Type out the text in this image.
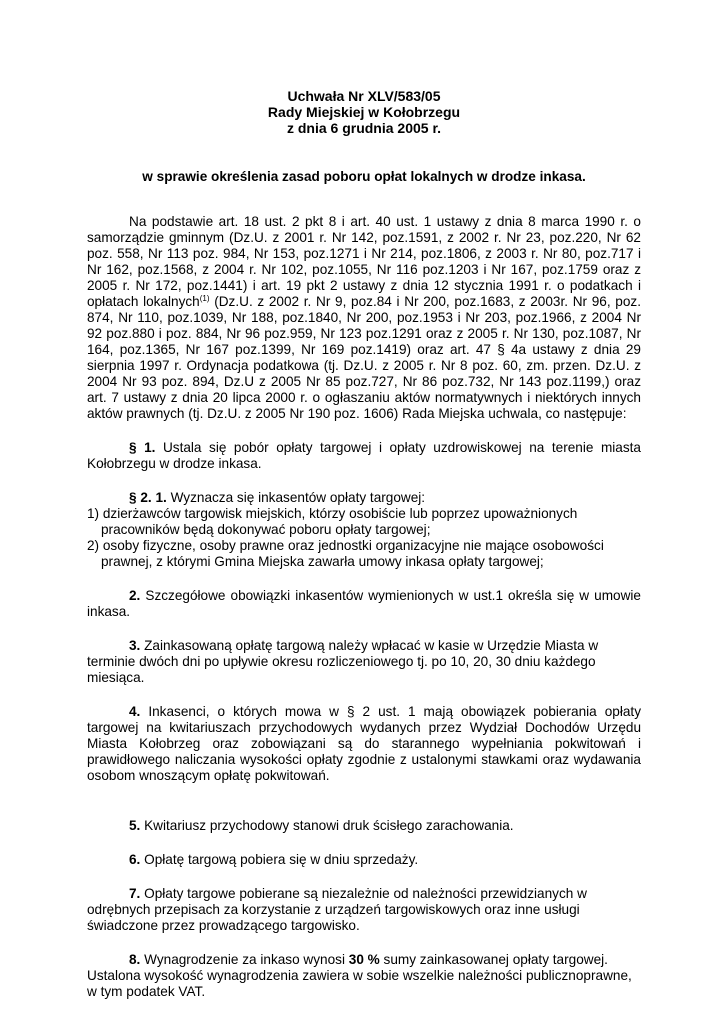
Uchwała Nr XLV/583/05
Rady Miejskiej w Kołobrzegu
z dnia 6 grudnia 2005 r.
w sprawie określenia zasad poboru opłat lokalnych w drodze inkasa.

Na podstawie art. 18 ust. 2 pkt 8 i art. 40 ust. 1 ustawy z dnia 8 marca 1990 r. o samorządzie gminnym (Dz.U. z 2001 r. Nr 142, poz.1591, z 2002 r. Nr 23, poz.220, Nr 62 poz. 558, Nr 113 poz. 984, Nr 153, poz.1271 i Nr 214, poz.1806, z 2003 r. Nr 80, poz.717 i Nr 162, poz.1568, z 2004 r. Nr 102, poz.1055, Nr 116 poz.1203 i Nr 167, poz.1759 oraz z 2005 r. Nr 172, poz.1441) i art. 19 pkt 2 ustawy z dnia 12 stycznia 1991 r. o podatkach i opłatach lokalnych$^{(1)}$ (Dz.U. z 2002 r. Nr 9, poz.84 i Nr 200, poz.1683, z 2003r. Nr 96, poz. 874, Nr 110, poz.1039, Nr 188, poz.1840, Nr 200, poz.1953 i Nr 203, poz.1966, z 2004 Nr 92 poz.880 i poz. 884, Nr 96 poz.959, Nr 123 poz.1291 oraz z 2005 r. Nr 130, poz.1087, Nr 164, poz.1365, Nr 167 poz.1399, Nr 169 poz.1419) oraz art. 47 § 4a ustawy z dnia 29 sierpnia 1997 r. Ordynacja podatkowa (tj. Dz.U. z 2005 r. Nr 8 poz. 60, zm. przen. Dz.U. z 2004 Nr 93 poz. 894, Dz.U z 2005 Nr 85 poz.727, Nr 86 poz.732, Nr 143 poz.1199,) oraz art. 7 ustawy z dnia 20 lipca 2000 r. o ogłaszaniu aktów normatywnych i niektórych innych aktów prawnych (tj. Dz.U. z 2005 Nr 190 poz. 1606) Rada Miejska uchwala, co następuje:

§ 1. Ustala się pobór opłaty targowej i opłaty uzdrowiskowej na terenie miasta Kołobrzegu w drodze inkasa.

§ 2. 1. Wyznacza się inkasentów opłaty targowej:

1) dzierżawców targowisk miejskich, którzy osobiście lub poprzez upoważnionych pracowników będą dokonywać poboru opłaty targowej;

2) osoby fizyczne, osoby prawne oraz jednostki organizacyjne nie mające osobowości prawnej, z którymi Gmina Miejska zawarła umowy inkasa opłaty targowej;

2. Szczegółowe obowiązki inkasentów wymienionych w ust.1 określa się w umowie inkasa.

3. Zainkasowaną opłatę targową należy wpłacać w kasie w Urzędzie Miasta w terminie dwóch dni po upływie okresu rozliczeniowego tj. po 10, 20, 30 dniu każdego miesiąca.

4. Inkasenci, o których mowa w § 2 ust. 1 mają obowiązek pobierania opłaty targowej na kwitariuszach przychodowych wydanych przez Wydział Dochodów Urzędu Miasta Kołobrzeg oraz zobowiązani są do starannego wypełniania pokwitowań i prawidłowego naliczania wysokości opłaty zgodnie z ustalonymi stawkami oraz wydawania osobom wnoszącym opłatę pokwitowań.

5. Kwitariusz przychodowy stanowi druk ścisłego zarachowania.

6. Opłatę targową pobiera się w dniu sprzedaży.

7. Opłaty targowe pobierane są niezależnie od należności przewidzianych w odrębnych przepisach za korzystanie z urządzeń targowiskowych oraz inne usługi świadczone przez prowadzącego targowisko.

8. Wynagrodzenie za inkaso wynosi 30 % sumy zainkasowanej opłaty targowej. Ustalona wysokość wynagrodzenia zawiera w sobie wszelkie należności publicznoprawne, w tym podatek VAT.
